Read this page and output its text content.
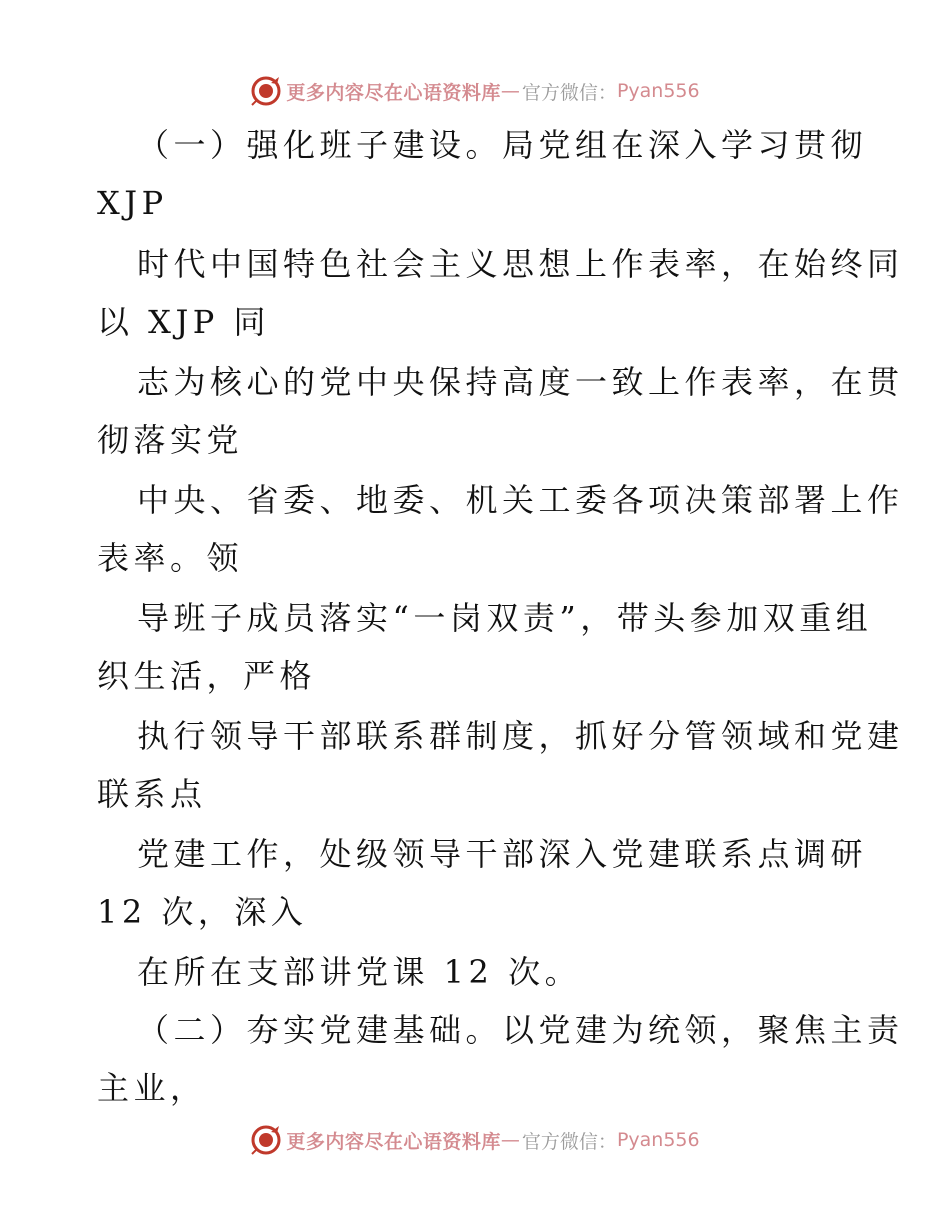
更多内容尽在心语资料库 — 官方微信： Pyan556
（一）强化班子建设。局党组在深入学习贯彻
XJP
时代中国特色社会主义思想上作表率，在始终同
以 XJP 同
志为核心的党中央保持高度一致上作表率，在贯
彻落实党
中央、省委、地委、机关工委各项决策部署上作
表率。领
导班子成员落实“一岗双责”，带头参加双重组
织生活，严格
执行领导干部联系群制度，抓好分管领域和党建
联系点
党建工作，处级领导干部深入党建联系点调研
12 次，深入
在所在支部讲党课 12 次。
（二）夯实党建基础。以党建为统领，聚焦主责
主业，
更多内容尽在心语资料库 — 官方微信： Pyan556
